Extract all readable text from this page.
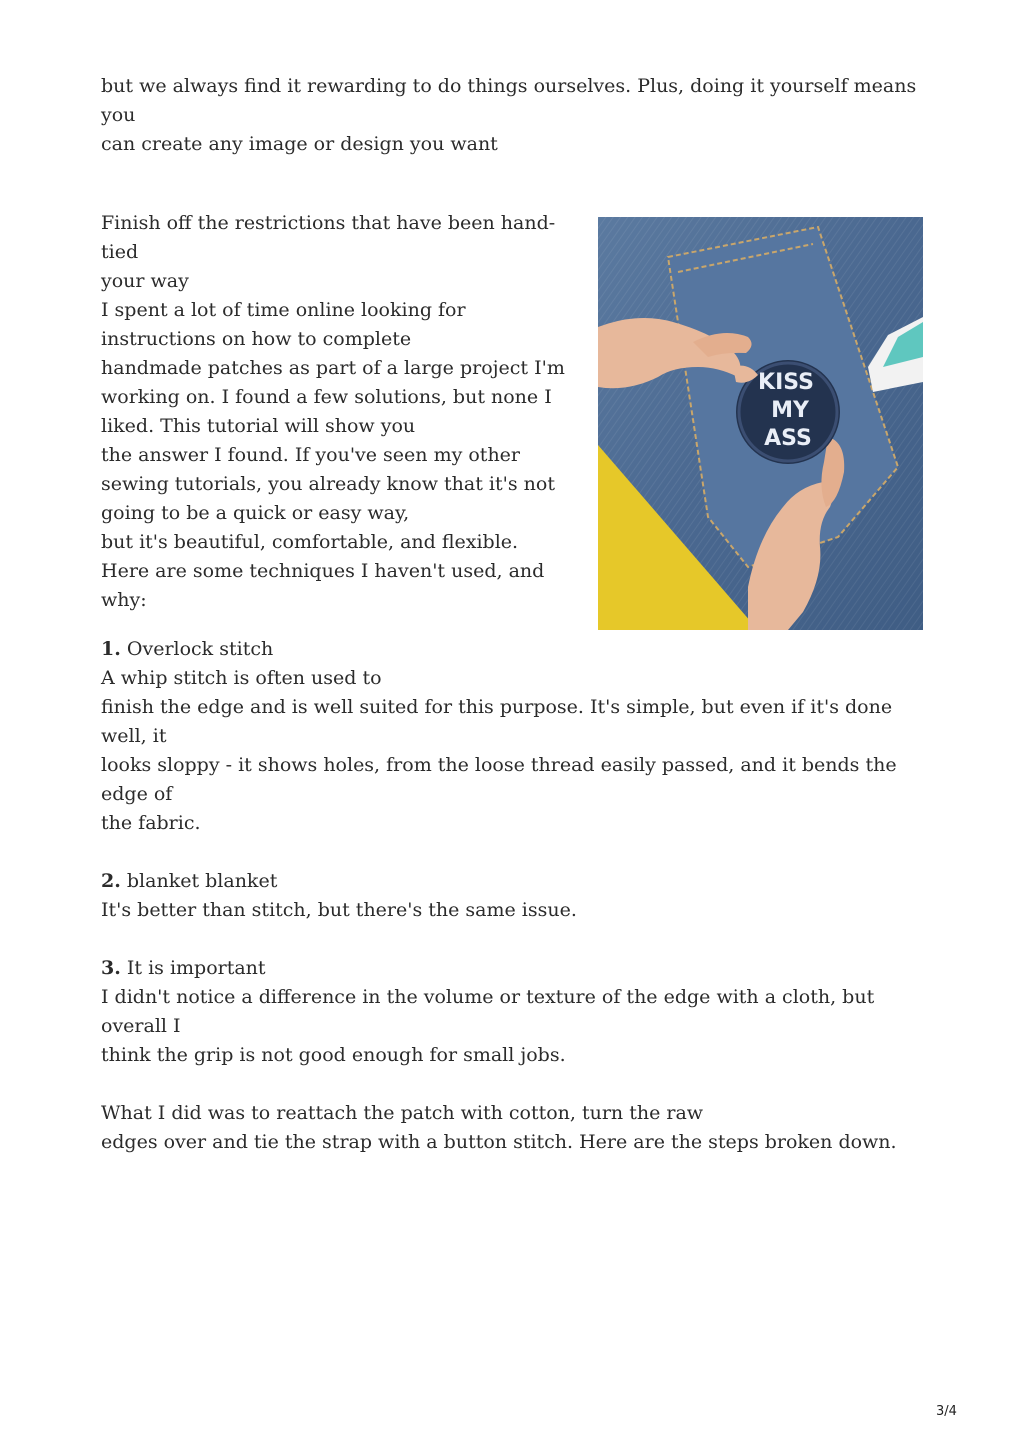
but we always find it rewarding to do things ourselves. Plus, doing it yourself means you
can create any image or design you want

KISS
MY
ASS

Finish off the restrictions that have been hand-tied
your way
I spent a lot of time online looking for
instructions on how to complete
handmade patches as part of a large project I'm
working on. I found a few solutions, but none I
liked. This tutorial will show you
the answer I found. If you've seen my other
sewing tutorials, you already know that it's not
going to be a quick or easy way,
but it's beautiful, comfortable, and flexible.
Here are some techniques I haven't used, and why:

1. Overlock stitch
A whip stitch is often used to
finish the edge and is well suited for this purpose. It's simple, but even if it's done well, it
looks sloppy - it shows holes, from the loose thread easily passed, and it bends the edge of
the fabric.

2. blanket blanket
It's better than stitch, but there's the same issue.

3. It is important
I didn't notice a difference in the volume or texture of the edge with a cloth, but overall I
think the grip is not good enough for small jobs.

What I did was to reattach the patch with cotton, turn the raw
edges over and tie the strap with a button stitch. Here are the steps broken down.

3/4
